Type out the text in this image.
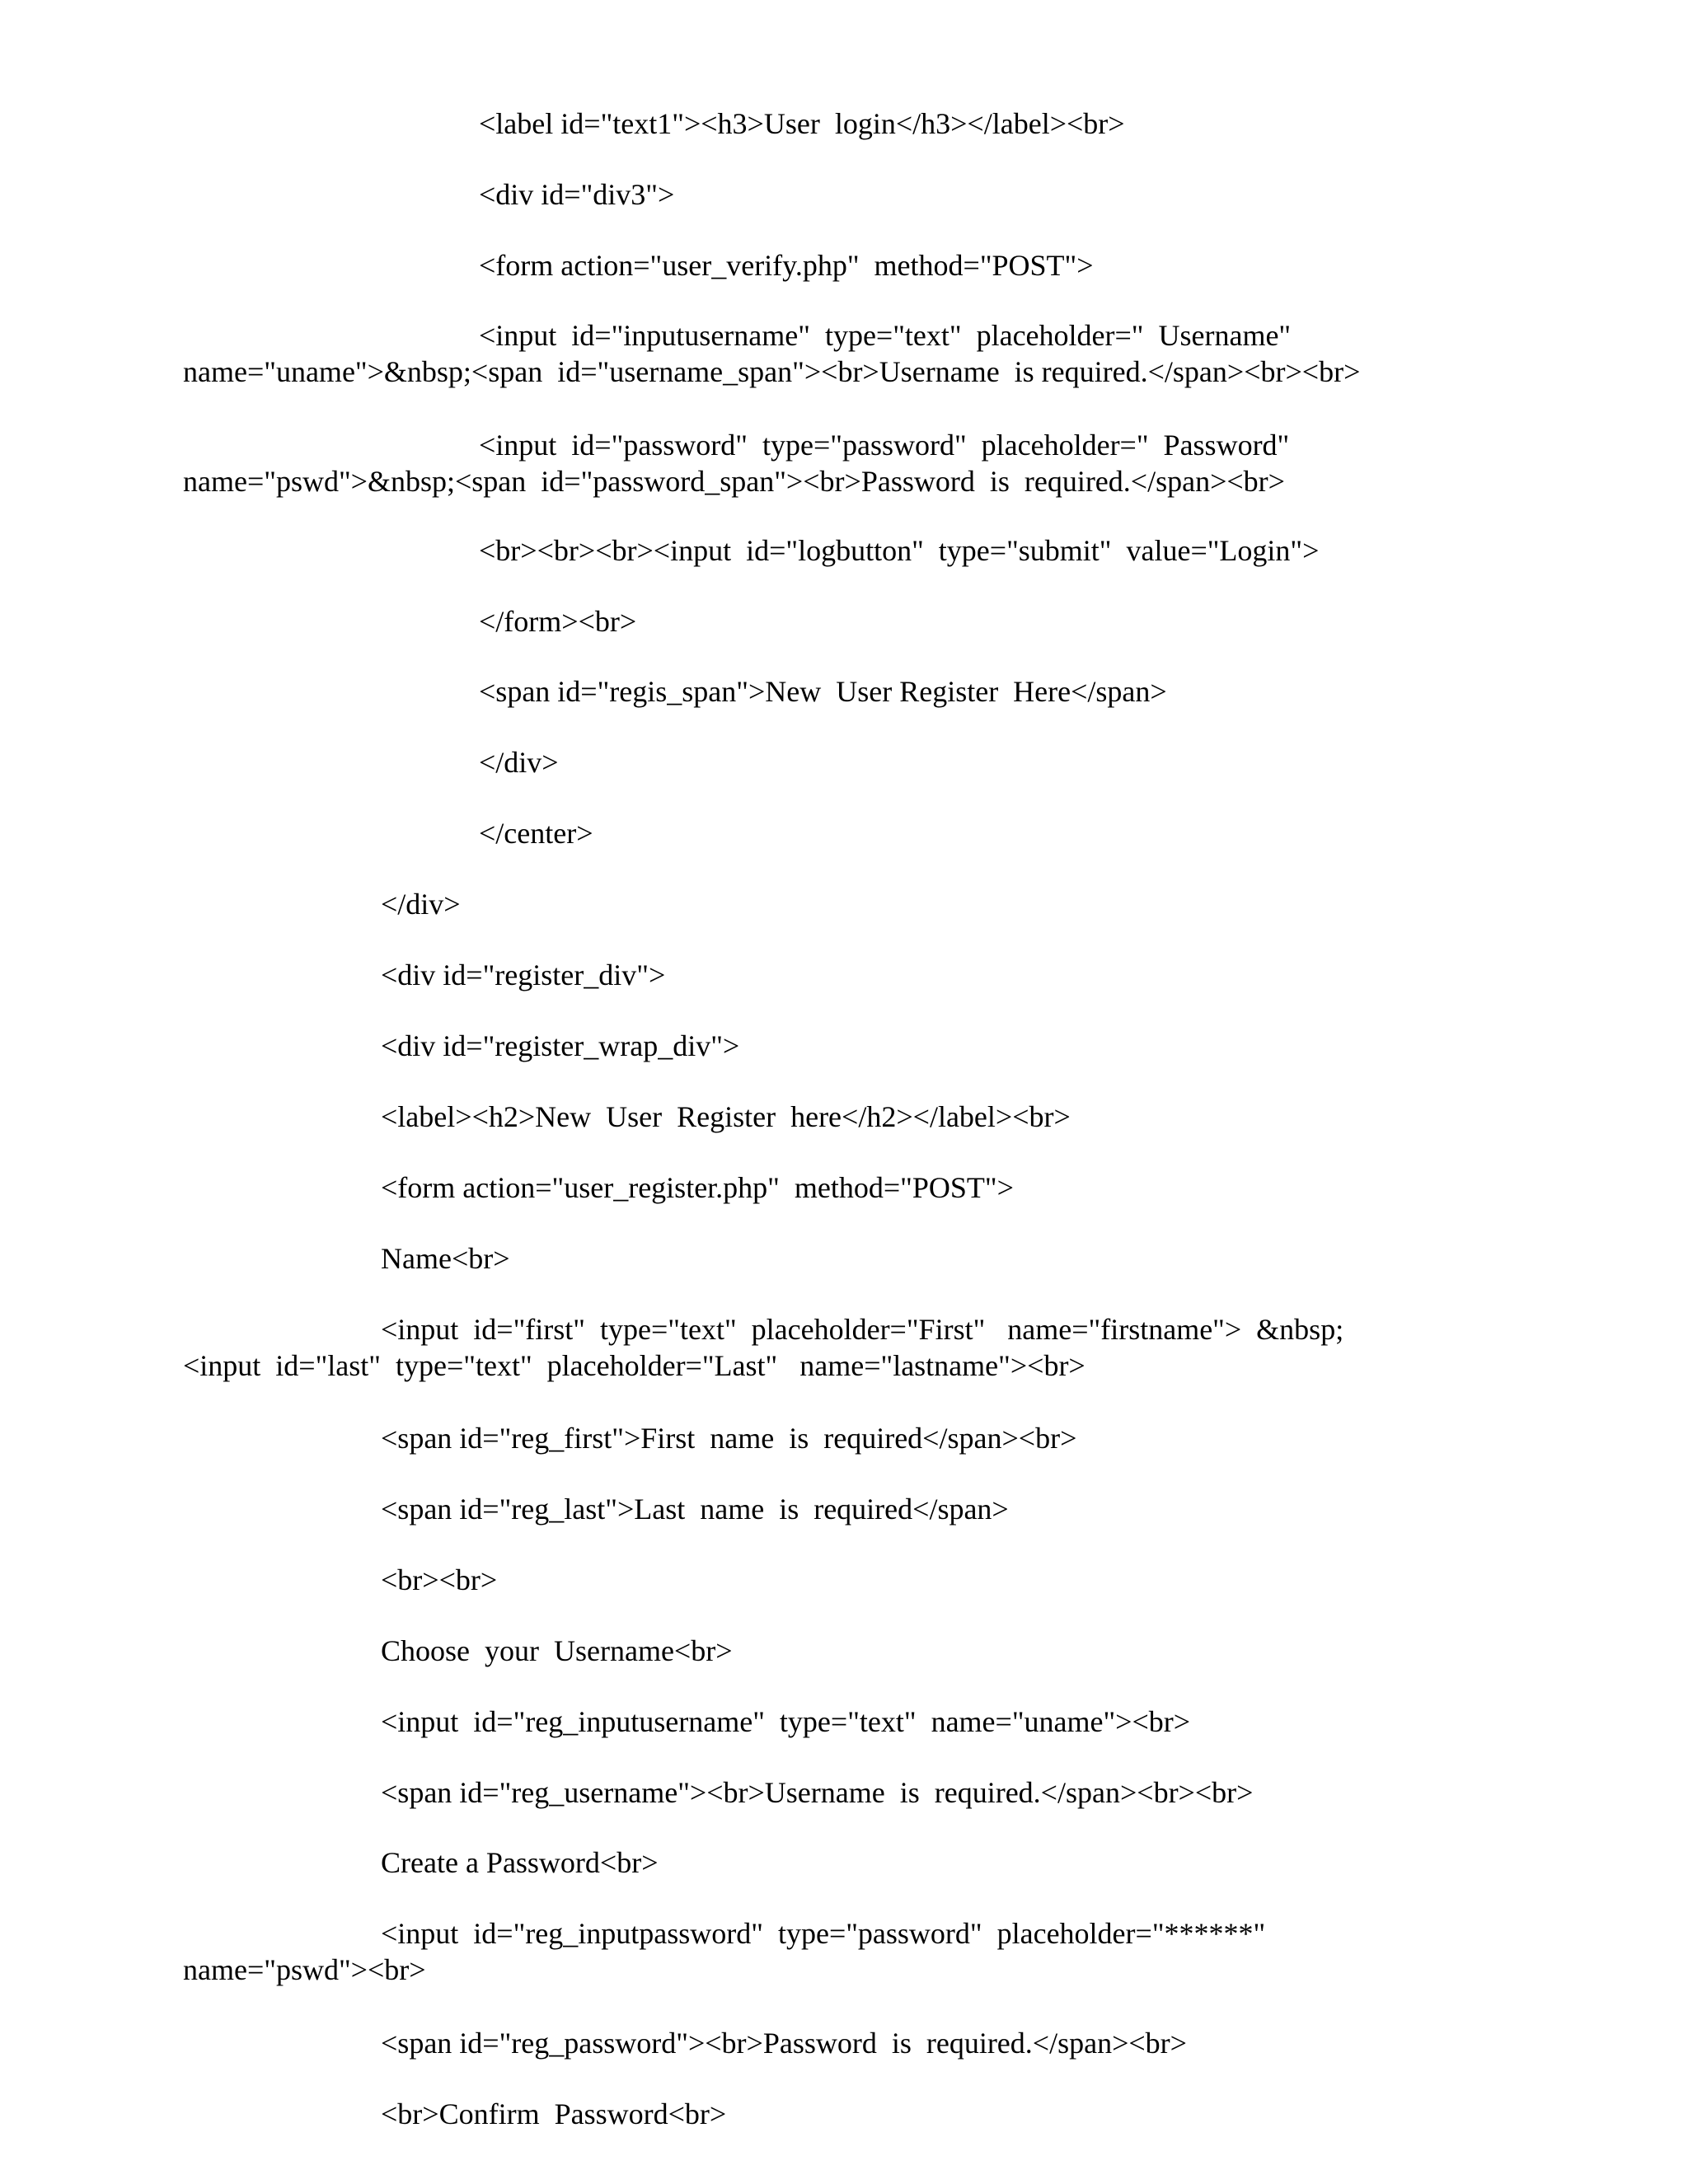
<label id="text1"><h3>User  login</h3></label><br>
<div id="div3">
<form action="user_verify.php"  method="POST">
<input  id="inputusername"  type="text"  placeholder="  Username"
name="uname">&nbsp;<span  id="username_span"><br>Username  is required.</span><br><br>
<input  id="password"  type="password"  placeholder="  Password"
name="pswd">&nbsp;<span  id="password_span"><br>Password  is  required.</span><br>
<br><br><br><input  id="logbutton"  type="submit"  value="Login">
</form><br>
<span id="regis_span">New  User Register  Here</span>
</div>
</center>
</div>
<div id="register_div">
<div id="register_wrap_div">
<label><h2>New  User  Register  here</h2></label><br>
<form action="user_register.php"  method="POST">
Name<br>
<input  id="first"  type="text"  placeholder="First"   name="firstname">  &nbsp;
<input  id="last"  type="text"  placeholder="Last"   name="lastname"><br>
<span id="reg_first">First  name  is  required</span><br>
<span id="reg_last">Last  name  is  required</span>
<br><br>
Choose  your  Username<br>
<input  id="reg_inputusername"  type="text"  name="uname"><br>
<span id="reg_username"><br>Username  is  required.</span><br><br>
Create a Password<br>
<input  id="reg_inputpassword"  type="password"  placeholder="******"
name="pswd"><br>
<span id="reg_password"><br>Password  is  required.</span><br>
<br>Confirm  Password<br>
